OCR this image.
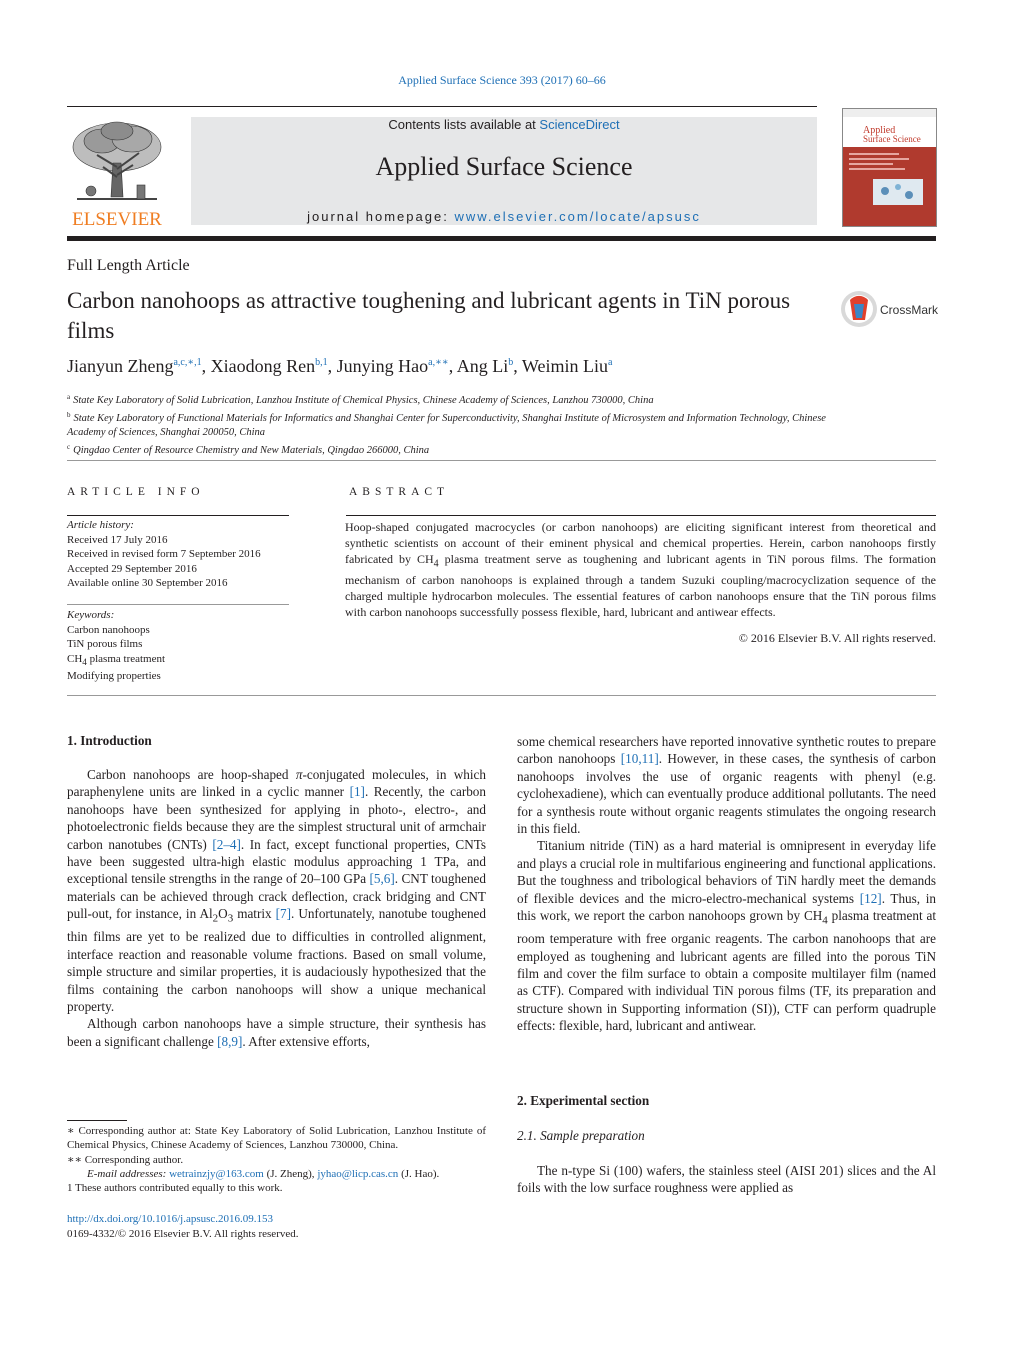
Applied Surface Science 393 (2017) 60–66
ELSEVIER
Contents lists available at ScienceDirect
Applied Surface Science
journal homepage: www.elsevier.com/locate/apsusc
Applied
Surface Science
Full Length Article
Carbon nanohoops as attractive toughening and lubricant agents in TiN porous films
CrossMark
Jianyun Zheng$^{a,c,∗,1}$, Xiaodong Ren$^{b,1}$, Junying Hao$^{a,∗∗}$, Ang Li$^b$, Weimin Liu$^a$
$^a$ State Key Laboratory of Solid Lubrication, Lanzhou Institute of Chemical Physics, Chinese Academy of Sciences, Lanzhou 730000, China
$^b$ State Key Laboratory of Functional Materials for Informatics and Shanghai Center for Superconductivity, Shanghai Institute of Microsystem and Information Technology, Chinese Academy of Sciences, Shanghai 200050, China
$^c$ Qingdao Center of Resource Chemistry and New Materials, Qingdao 266000, China
ARTICLE INFO	ABSTRACT
Article history:
Received 17 July 2016
Received in revised form 7 September 2016
Accepted 29 September 2016
Available online 30 September 2016
Keywords:
Carbon nanohoops
TiN porous films
$CH_4$ plasma treatment
Modifying properties
Hoop-shaped conjugated macrocycles (or carbon nanohoops) are eliciting significant interest from theoretical and synthetic scientists on account of their eminent physical and chemical properties. Herein, carbon nanohoops firstly fabricated by $CH_4$ plasma treatment serve as toughening and lubricant agents in TiN porous films. The formation mechanism of carbon nanohoops is explained through a tandem Suzuki coupling/macrocyclization sequence of the charged multiple hydrocarbon molecules. The essential features of carbon nanohoops ensure that the TiN porous films with carbon nanohoops successfully possess flexible, hard, lubricant and antiwear effects.
© 2016 Elsevier B.V. All rights reserved.
1. Introduction

Carbon nanohoops are hoop-shaped π-conjugated molecules, in which paraphenylene units are linked in a cyclic manner [1]. Recently, the carbon nanohoops have been synthesized for applying in photo-, electro-, and photoelectronic fields because they are the simplest structural unit of armchair carbon nanotubes (CNTs) [2–4]. In fact, except functional properties, CNTs have been suggested ultra-high elastic modulus approaching 1 TPa, and exceptional tensile strengths in the range of 20–100 GPa [5,6]. CNT toughened materials can be achieved through crack deflection, crack bridging and CNT pull-out, for instance, in $Al_2O_3$ matrix [7]. Unfortunately, nanotube toughened thin films are yet to be realized due to difficulties in controlled alignment, interface reaction and reasonable volume fractions. Based on small volume, simple structure and similar properties, it is audaciously hypothesized that the films containing the carbon nanohoops will show a unique mechanical property.

Although carbon nanohoops have a simple structure, their synthesis has been a significant challenge [8,9]. After extensive efforts,

some chemical researchers have reported innovative synthetic routes to prepare carbon nanohoops [10,11]. However, in these cases, the synthesis of carbon nanohoops involves the use of organic reagents with phenyl (e.g. cyclohexadiene), which can eventually produce additional pollutants. The need for a synthesis route without organic reagents stimulates the ongoing research in this field.

Titanium nitride (TiN) as a hard material is omnipresent in everyday life and plays a crucial role in multifarious engineering and functional applications. But the toughness and tribological behaviors of TiN hardly meet the demands of flexible devices and the micro-electro-mechanical systems [12]. Thus, in this work, we report the carbon nanohoops grown by $CH_4$ plasma treatment at room temperature with free organic reagents. The carbon nanohoops that are employed as toughening and lubricant agents are filled into the porous TiN film and cover the film surface to obtain a composite multilayer film (named as CTF). Compared with individual TiN porous films (TF, its preparation and structure shown in Supporting information (SI)), CTF can perform quadruple effects: flexible, hard, lubricant and antiwear.

2. Experimental section
2.1. Sample preparation

The n-type Si (100) wafers, the stainless steel (AISI 201) slices and the Al foils with the low surface roughness were applied as

∗ Corresponding author at: State Key Laboratory of Solid Lubrication, Lanzhou Institute of Chemical Physics, Chinese Academy of Sciences, Lanzhou 730000, China.
∗∗ Corresponding author.
E-mail addresses: wetrainzjy@163.com (J. Zheng), jyhao@licp.cas.cn (J. Hao).
1 These authors contributed equally to this work.
http://dx.doi.org/10.1016/j.apsusc.2016.09.153
0169-4332/© 2016 Elsevier B.V. All rights reserved.
